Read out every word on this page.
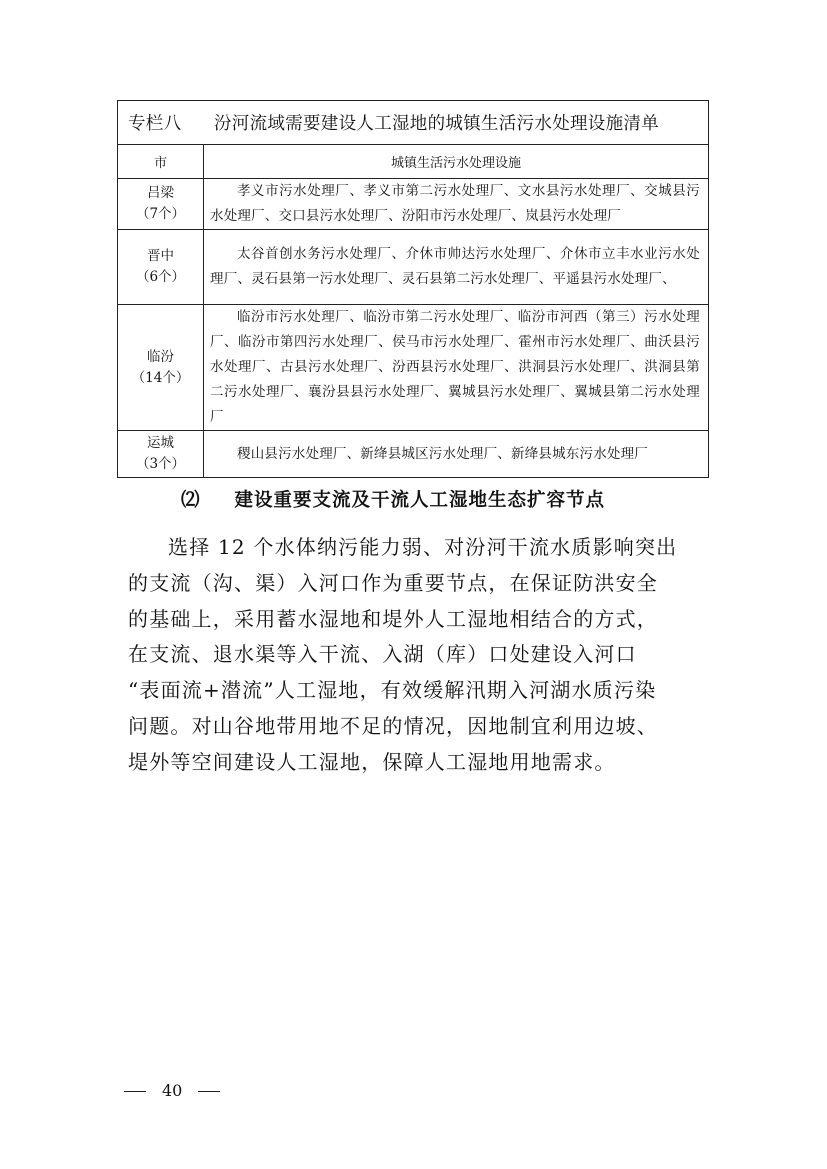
专栏八 汾河流域需要建设人工湿地的城镇生活污水处理设施清单	
市	城镇生活污水处理设施

吕梁
（7个）	孝义市污水处理厂、孝义市第二污水处理厂、文水县污水处理厂、交城县污水处理厂、交口县污水处理厂、汾阳市污水处理厂、岚县污水处理厂

晋中
（6个）	太谷首创水务污水处理厂、介休市帅达污水处理厂、介休市立丰水业污水处理厂、灵石县第一污水处理厂、灵石县第二污水处理厂、平遥县污水处理厂、

临汾
（14个）	临汾市污水处理厂、临汾市第二污水处理厂、临汾市河西（第三）污水处理厂、临汾市第四污水处理厂、侯马市污水处理厂、霍州市污水处理厂、曲沃县污水处理厂、古县污水处理厂、汾西县污水处理厂、洪洞县污水处理厂、洪洞县第二污水处理厂、襄汾县县污水处理厂、翼城县污水处理厂、翼城县第二污水处理厂

运城
（3个）	稷山县污水处理厂、新绛县城区污水处理厂、新绛县城东污水处理厂
⑵ 建设重要支流及干流人工湿地生态扩容节点
选择 12 个水体纳污能力弱、对汾河干流水质影响突出
的支流（沟、渠）入河口作为重要节点，在保证防洪安全
的基础上，采用蓄水湿地和堤外人工湿地相结合的方式，
在支流、退水渠等入干流、入湖（库）口处建设入河口
“表面流+潜流”人工湿地，有效缓解汛期入河湖水质污染
问题。对山谷地带用地不足的情况，因地制宜利用边坡、
堤外等空间建设人工湿地，保障人工湿地用地需求。
40
